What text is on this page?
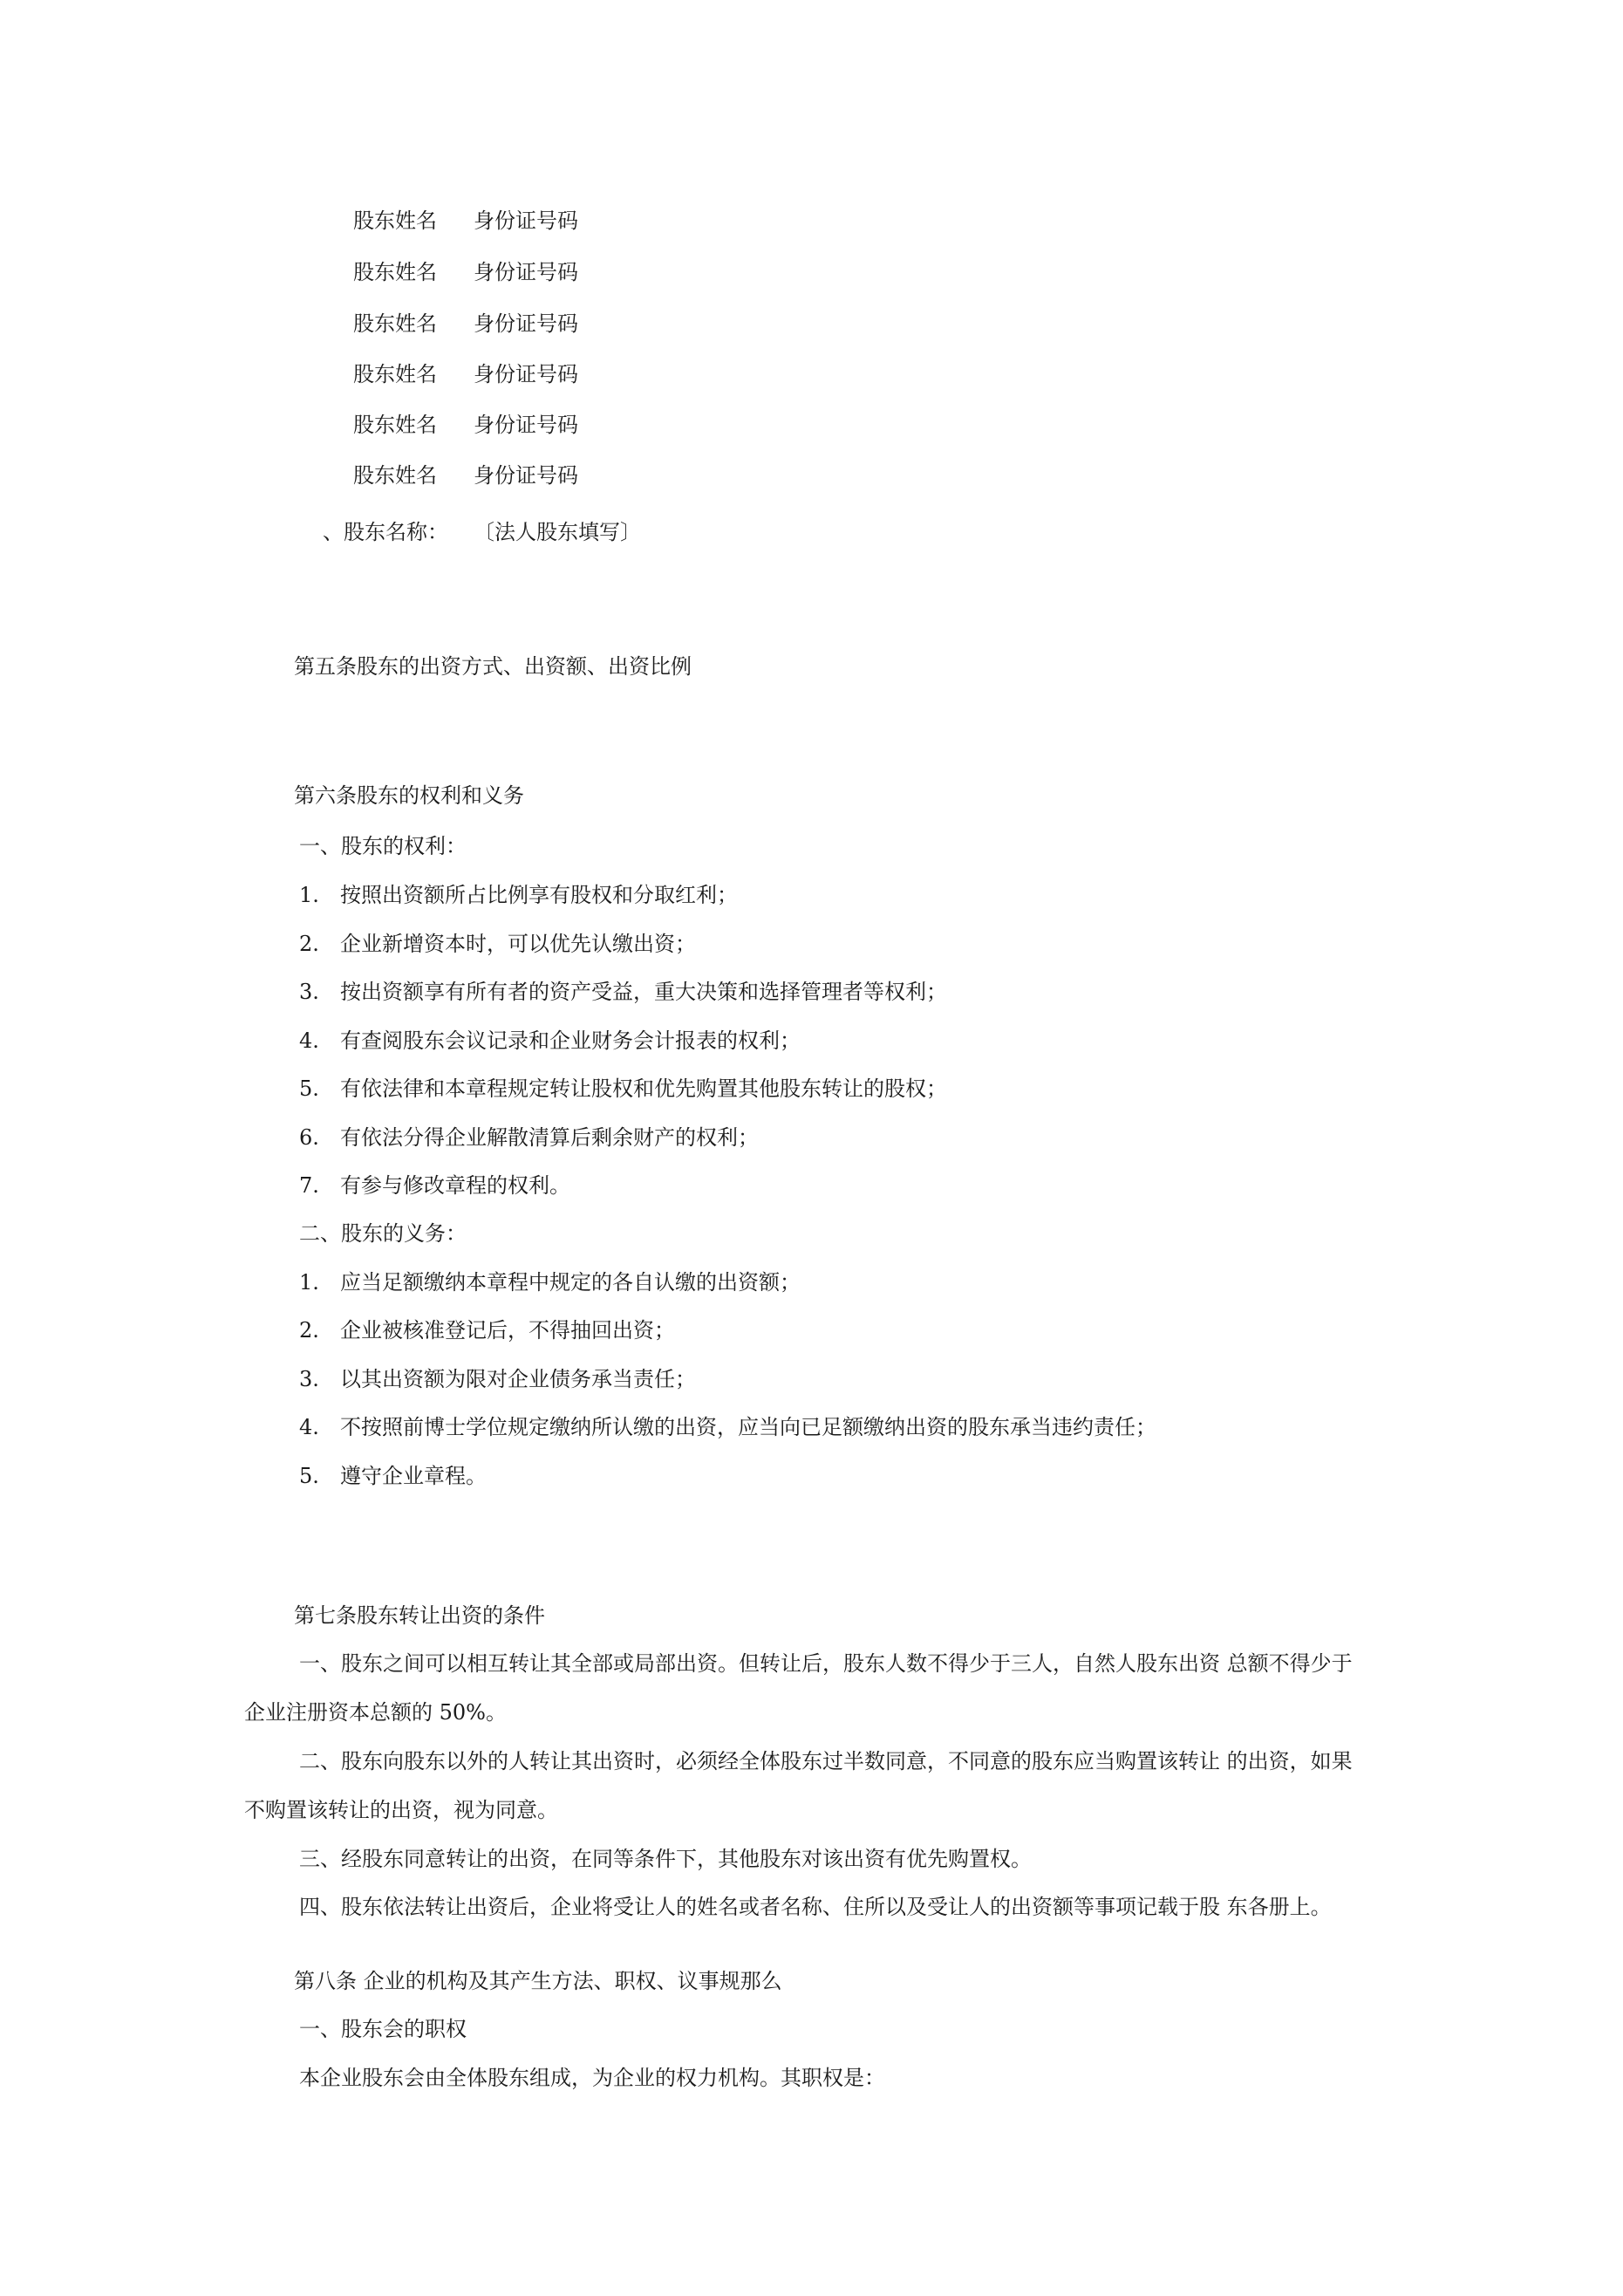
股东姓名 身份证号码
股东姓名 身份证号码
股东姓名 身份证号码
股东姓名 身份证号码
股东姓名 身份证号码
股东姓名 身份证号码
、股东名称： 〔法人股东填写〕
第五条股东的出资方式、出资额、出资比例
第六条股东的权利和义务
一、股东的权利：
1. 按照出资额所占比例享有股权和分取红利；
2. 企业新增资本时，可以优先认缴出资；
3. 按出资额享有所有者的资产受益，重大决策和选择管理者等权利；
4. 有查阅股东会议记录和企业财务会计报表的权利；
5. 有依法律和本章程规定转让股权和优先购置其他股东转让的股权；
6. 有依法分得企业解散清算后剩余财产的权利；
7. 有参与修改章程的权利。
二、股东的义务：
1. 应当足额缴纳本章程中规定的各自认缴的出资额；
2. 企业被核准登记后，不得抽回出资；
3. 以其出资额为限对企业债务承当责任；
4. 不按照前博士学位规定缴纳所认缴的出资，应当向已足额缴纳出资的股东承当违约责任；
5. 遵守企业章程。
第七条股东转让出资的条件
一、股东之间可以相互转让其全部或局部出资。但转让后，股东人数不得少于三人，自然人股东出资 总额不得少于
企业注册资本总额的 50%。
二、股东向股东以外的人转让其出资时，必须经全体股东过半数同意，不同意的股东应当购置该转让 的出资，如果
不购置该转让的出资，视为同意。
三、经股东同意转让的出资，在同等条件下，其他股东对该出资有优先购置权。
四、股东依法转让出资后，企业将受让人的姓名或者名称、住所以及受让人的出资额等事项记载于股 东各册上。
第八条 企业的机构及其产生方法、职权、议事规那么
一、股东会的职权
本企业股东会由全体股东组成，为企业的权力机构。其职权是：
